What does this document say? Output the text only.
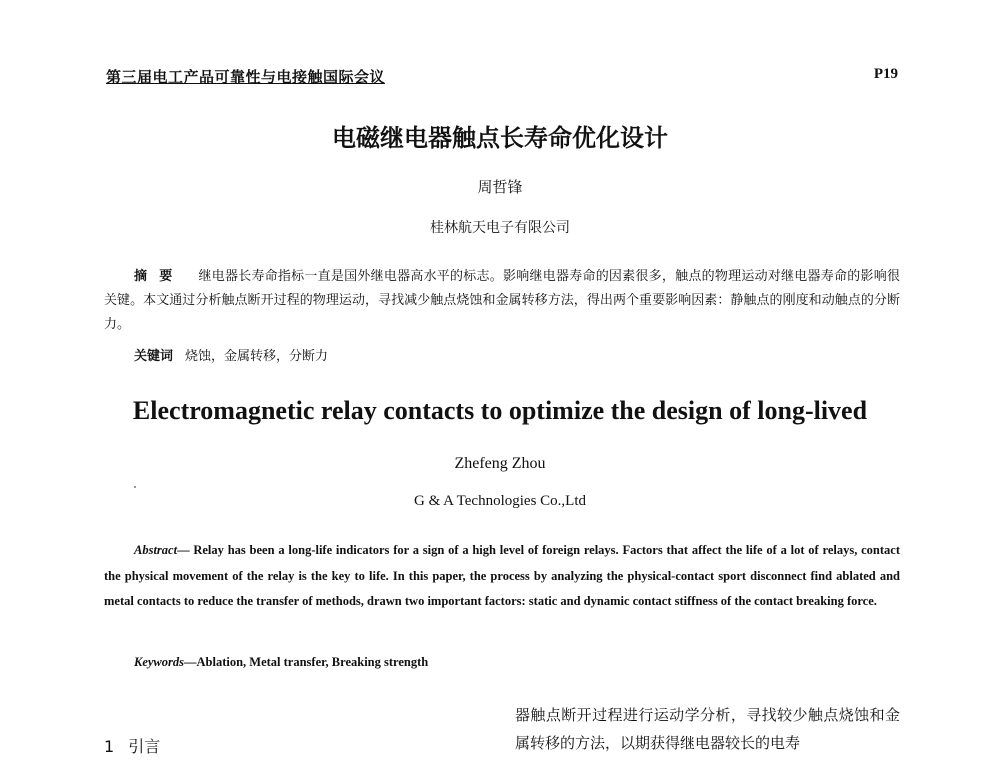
第三届电工产品可靠性与电接触国际会议	P19
电磁继电器触点长寿命优化设计
周哲锋
桂林航天电子有限公司
摘要 继电器长寿命指标一直是国外继电器高水平的标志。影响继电器寿命的因素很多，触点的物理运动对继电器寿命的影响很关键。本文通过分析触点断开过程的物理运动，寻找减少触点烧蚀和金属转移方法，得出两个重要影响因素：静触点的刚度和动触点的分断力。
关键词 烧蚀，金属转移，分断力
Electromagnetic relay contacts to optimize the design of long-lived
Zhefeng Zhou
G & A Technologies Co.,Ltd
Abstract— Relay has been a long-life indicators for a sign of a high level of foreign relays. Factors that affect the life of a lot of relays, contact the physical movement of the relay is the key to life. In this paper, the process by analyzing the physical-contact sport disconnect find ablated and metal contacts to reduce the transfer of methods, drawn two important factors: static and dynamic contact stiffness of the contact breaking force.
Keywords—Ablation, Metal transfer, Breaking strength
1 引言
器触点断开过程进行运动学分析，寻找较少触点烧蚀和金属转移的方法，以期获得继电器较长的电寿
